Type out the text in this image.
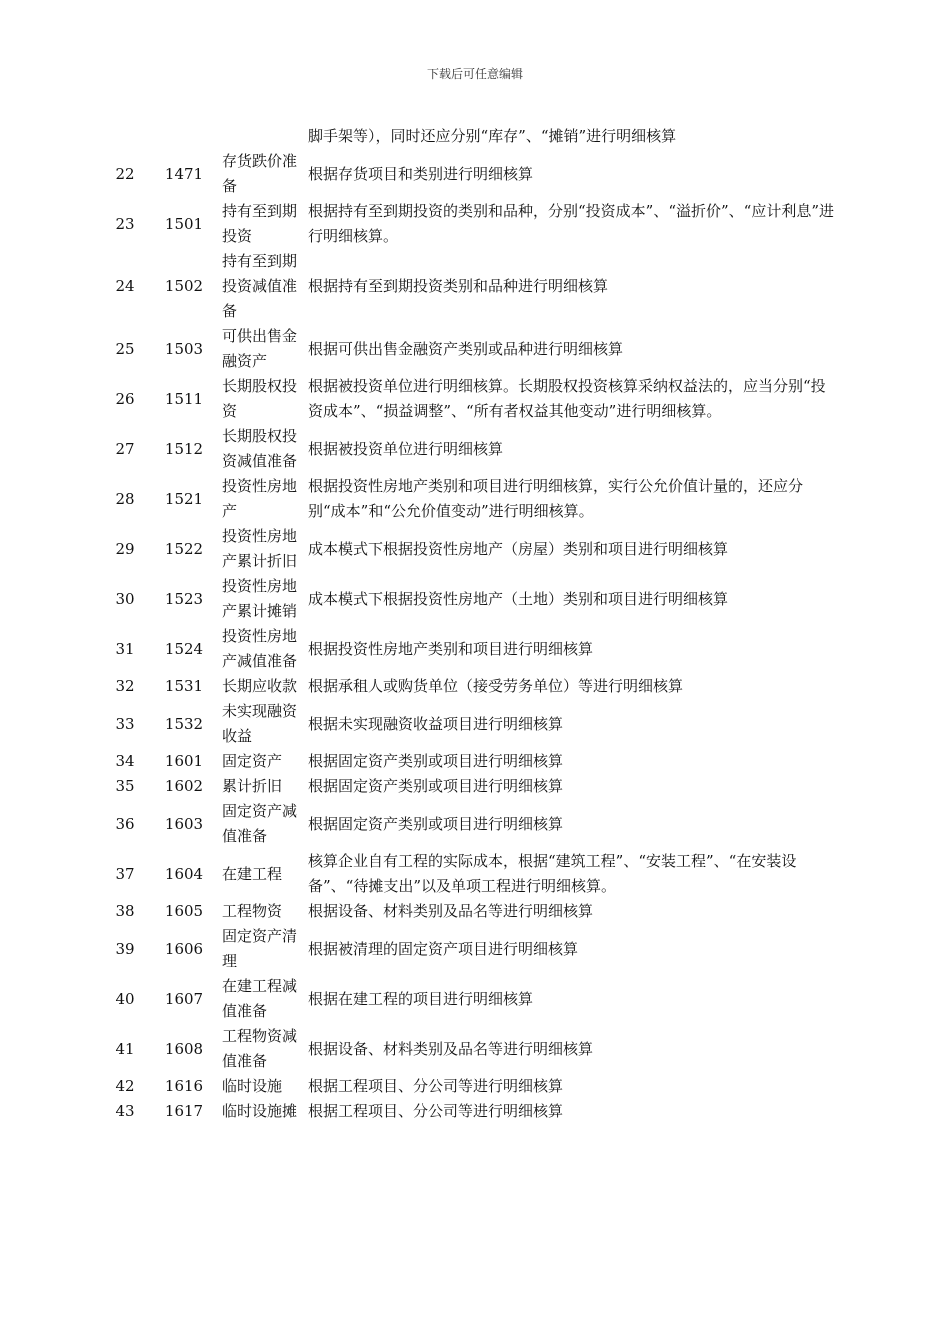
下载后可任意编辑
			脚手架等），同时还应分别“库存”、“摊销”进行明细核算
22	1471	存货跌价准备	根据存货项目和类别进行明细核算
23	1501	持有至到期投资	根据持有至到期投资的类别和品种，分别“投资成本”、“溢折价”、“应计利息”进行明细核算。
24	1502	持有至到期投资减值准备	根据持有至到期投资类别和品种进行明细核算
25	1503	可供出售金融资产	根据可供出售金融资产类别或品种进行明细核算
26	1511	长期股权投资	根据被投资单位进行明细核算。长期股权投资核算采纳权益法的，应当分别“投资成本”、“损益调整”、“所有者权益其他变动”进行明细核算。
27	1512	长期股权投资减值准备	根据被投资单位进行明细核算
28	1521	投资性房地产	根据投资性房地产类别和项目进行明细核算，实行公允价值计量的，还应分别“成本”和“公允价值变动”进行明细核算。
29	1522	投资性房地产累计折旧	成本模式下根据投资性房地产（房屋）类别和项目进行明细核算
30	1523	投资性房地产累计摊销	成本模式下根据投资性房地产（土地）类别和项目进行明细核算
31	1524	投资性房地产减值准备	根据投资性房地产类别和项目进行明细核算
32	1531	长期应收款	根据承租人或购货单位（接受劳务单位）等进行明细核算
33	1532	未实现融资收益	根据未实现融资收益项目进行明细核算
34	1601	固定资产	根据固定资产类别或项目进行明细核算
35	1602	累计折旧	根据固定资产类别或项目进行明细核算
36	1603	固定资产减值准备	根据固定资产类别或项目进行明细核算
37	1604	在建工程	核算企业自有工程的实际成本，根据“建筑工程”、“安装工程”、“在安装设备”、“待摊支出”以及单项工程进行明细核算。
38	1605	工程物资	根据设备、材料类别及品名等进行明细核算
39	1606	固定资产清理	根据被清理的固定资产项目进行明细核算
40	1607	在建工程减值准备	根据在建工程的项目进行明细核算
41	1608	工程物资减值准备	根据设备、材料类别及品名等进行明细核算
42	1616	临时设施	根据工程项目、分公司等进行明细核算
43	1617	临时设施摊	根据工程项目、分公司等进行明细核算
